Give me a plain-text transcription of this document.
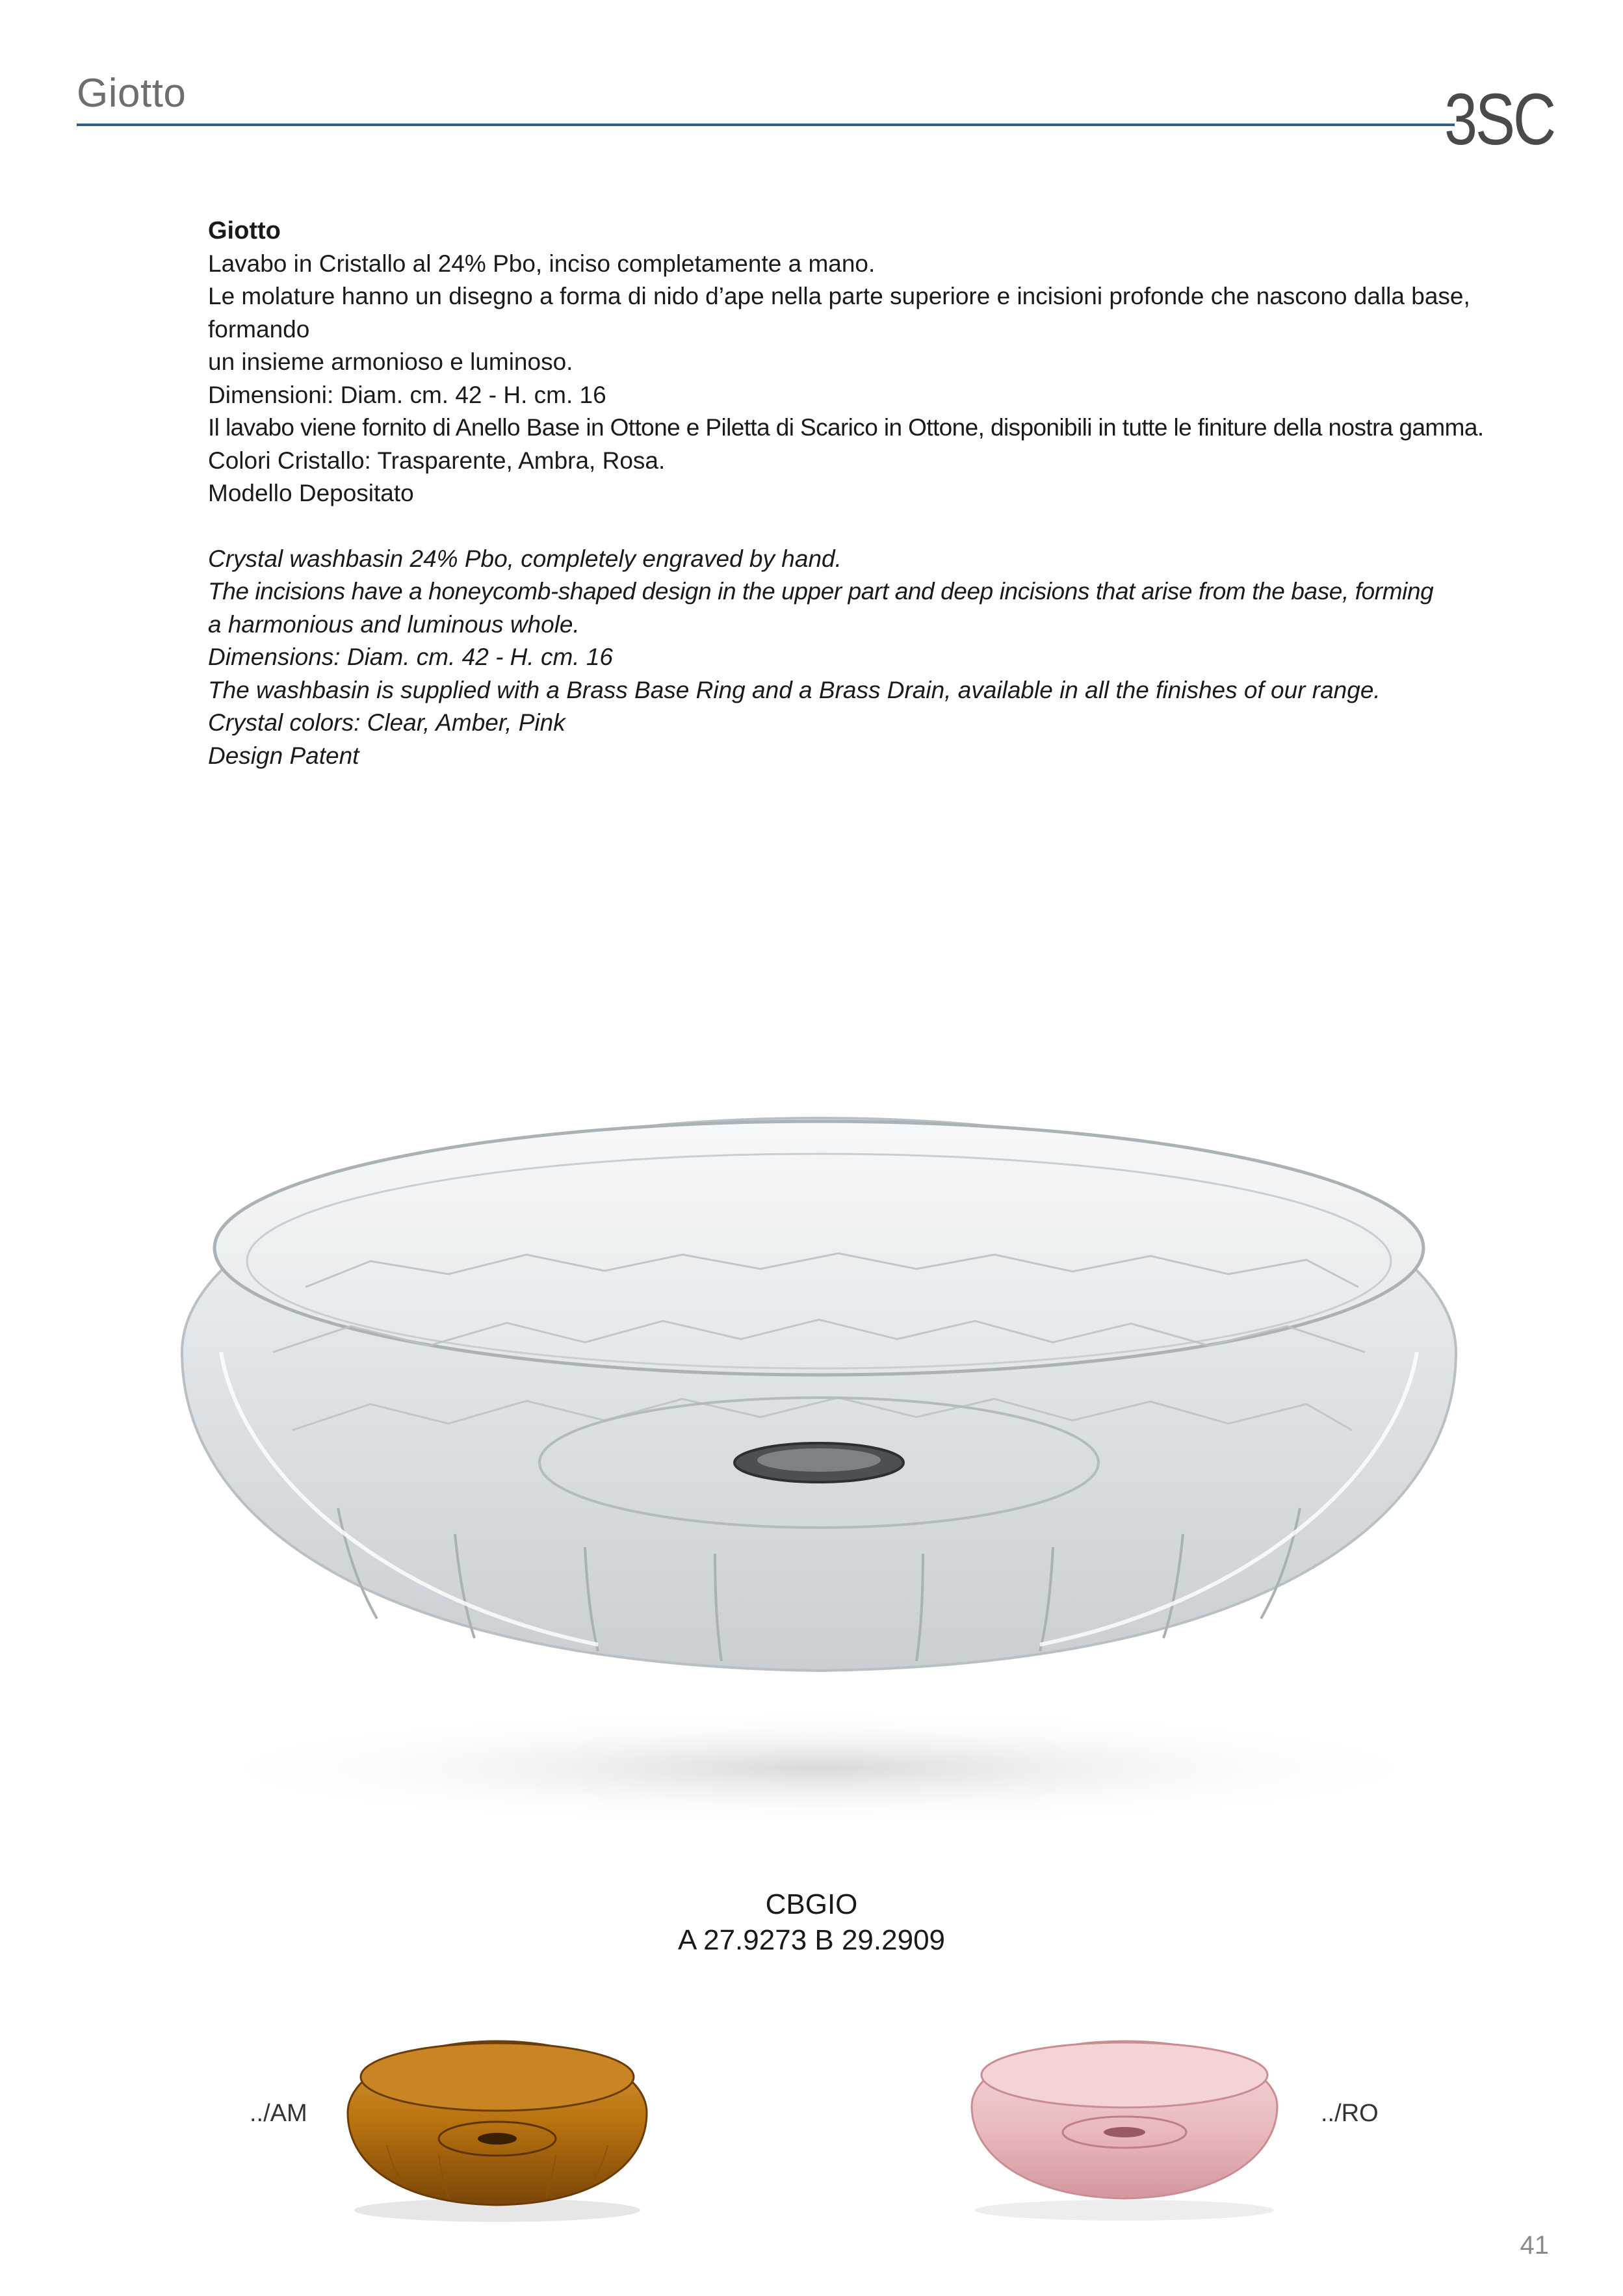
Giotto	3SC
Giotto
Lavabo in Cristallo al 24% Pbo, inciso completamente a mano.
Le molature hanno un disegno a forma di nido d’ape nella parte superiore e incisioni profonde che nascono dalla base,
formando
un insieme armonioso e luminoso.
Dimensioni: Diam. cm. 42 - H. cm. 16
Il lavabo viene fornito di Anello Base in Ottone e Piletta di Scarico in Ottone, disponibili in tutte le finiture della nostra gamma.
Colori Cristallo: Trasparente, Ambra, Rosa.
Modello Depositato
Crystal washbasin 24% Pbo, completely engraved by hand.
The incisions have a honeycomb-shaped design in the upper part and deep incisions that arise from the base, forming
a harmonious and luminous whole.
Dimensions: Diam. cm. 42 - H. cm. 16
The washbasin is supplied with a Brass Base Ring and a Brass Drain, available in all the finishes of our range.
Crystal colors: Clear, Amber, Pink
Design Patent
CBGIO
A 27.9273 B 29.2909
../AM	../RO
41
